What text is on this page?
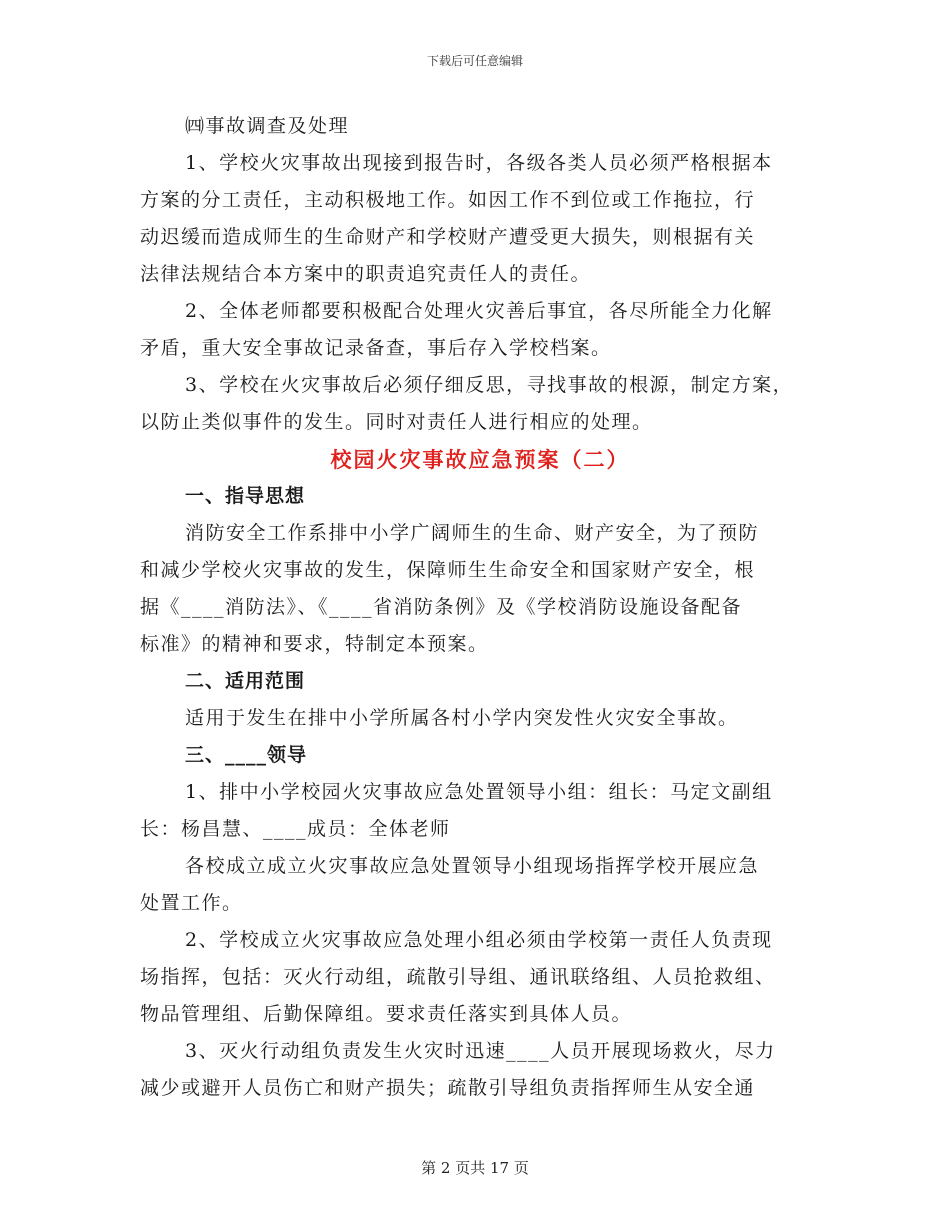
下载后可任意编辑
㈣事故调查及处理
1、学校火灾事故出现接到报告时，各级各类人员必须严格根据本
方案的分工责任，主动积极地工作。如因工作不到位或工作拖拉，行
动迟缓而造成师生的生命财产和学校财产遭受更大损失，则根据有关
法律法规结合本方案中的职责追究责任人的责任。
2、全体老师都要积极配合处理火灾善后事宜，各尽所能全力化解
矛盾，重大安全事故记录备查，事后存入学校档案。
3、学校在火灾事故后必须仔细反思，寻找事故的根源，制定方案，
以防止类似事件的发生。同时对责任人进行相应的处理。
校园火灾事故应急预案（二）
一、指导思想
消防安全工作系排中小学广阔师生的生命、财产安全，为了预防
和减少学校火灾事故的发生，保障师生生命安全和国家财产安全，根
据《____消防法》、《____省消防条例》及《学校消防设施设备配备
标准》的精神和要求，特制定本预案。
二、适用范围
适用于发生在排中小学所属各村小学内突发性火灾安全事故。
三、____领导
1、排中小学校园火灾事故应急处置领导小组：组长：马定文副组
长：杨昌慧、____成员：全体老师
各校成立成立火灾事故应急处置领导小组现场指挥学校开展应急
处置工作。
2、学校成立火灾事故应急处理小组必须由学校第一责任人负责现
场指挥，包括：灭火行动组，疏散引导组、通讯联络组、人员抢救组、
物品管理组、后勤保障组。要求责任落实到具体人员。
3、灭火行动组负责发生火灾时迅速____人员开展现场救火，尽力
减少或避开人员伤亡和财产损失；疏散引导组负责指挥师生从安全通
第 2 页共 17 页
